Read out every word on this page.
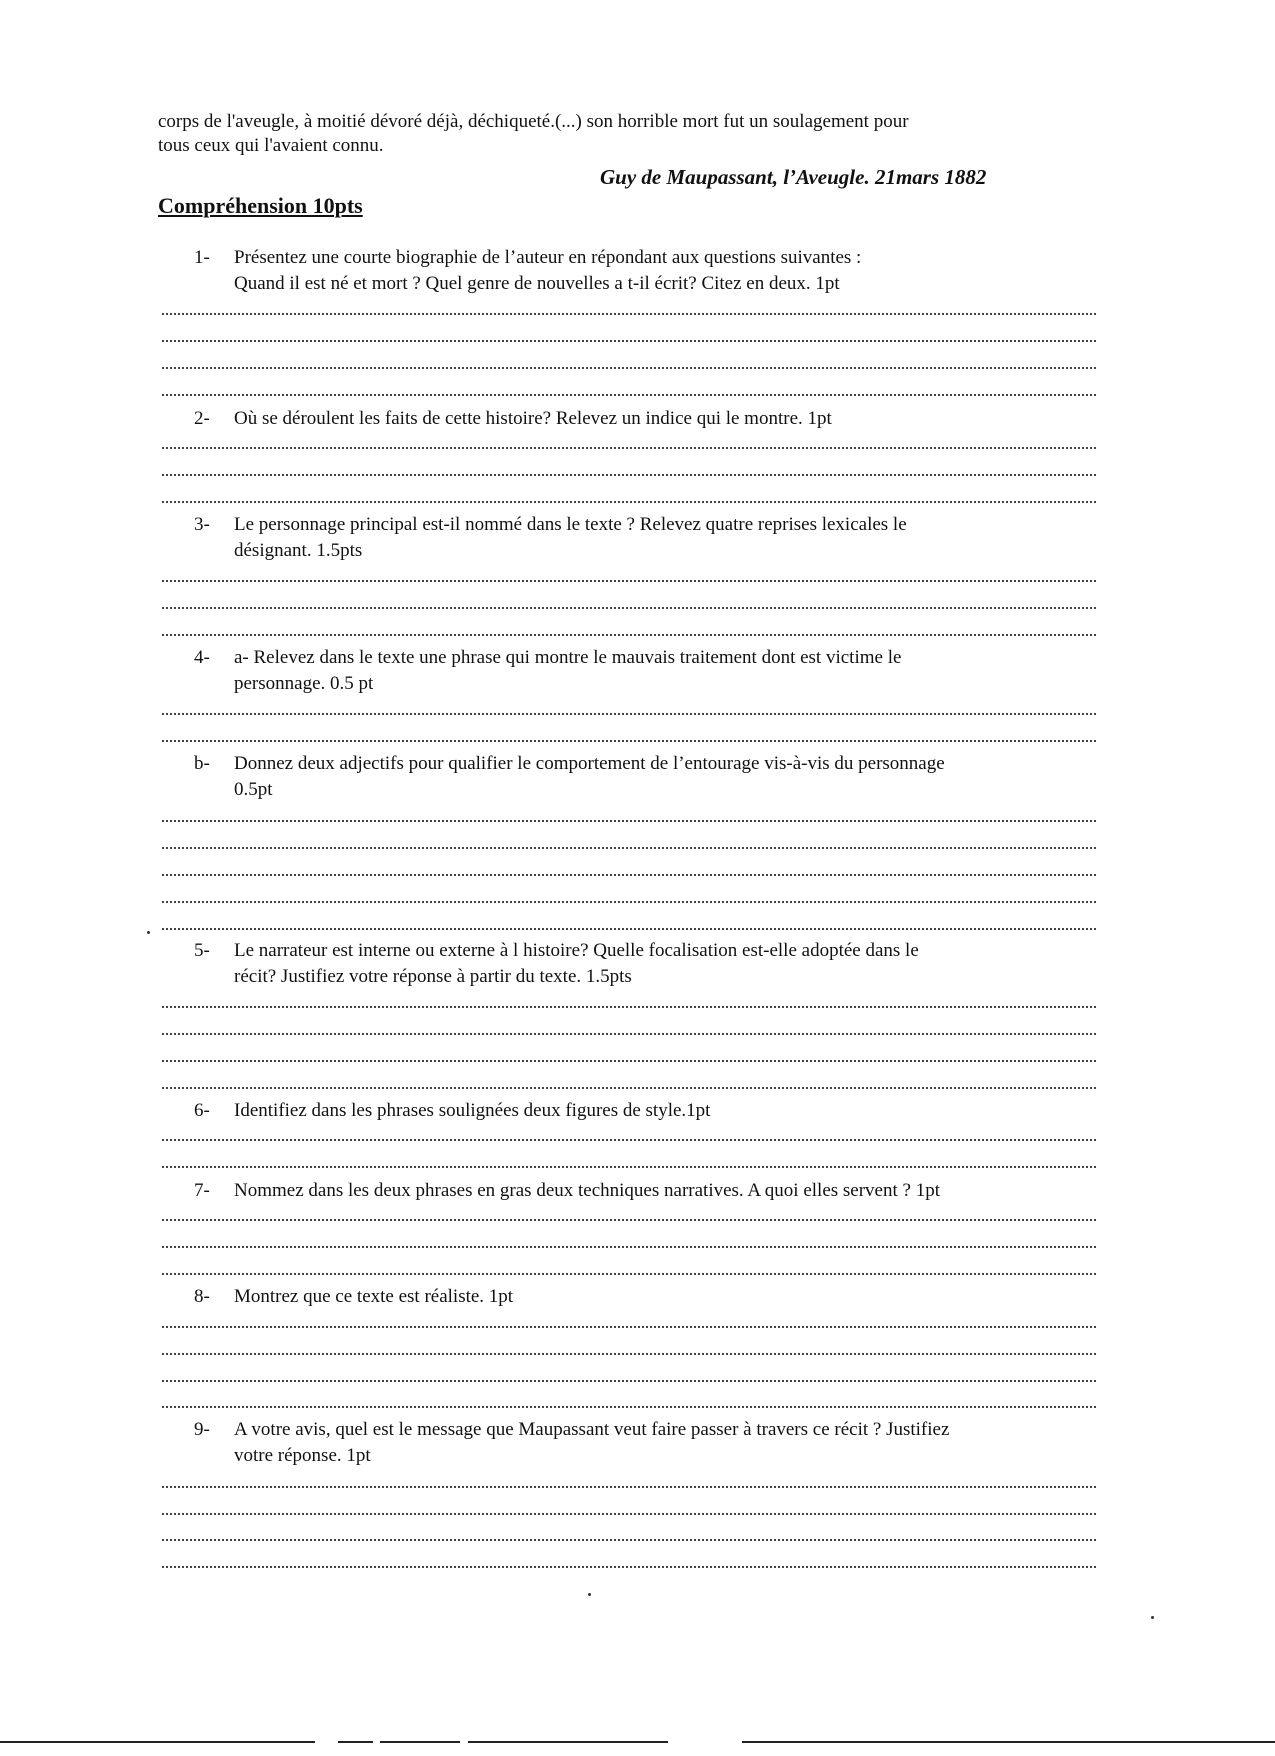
corps de l'aveugle, à moitié dévoré déjà, déchiqueté.(...) son horrible mort fut un soulagement pour
tous ceux qui l'avaient connu.
Guy de Maupassant, l’Aveugle. 21mars 1882
Compréhension 10pts
1-	Présentez une courte biographie de l’auteur en répondant aux questions suivantes :
Quand il est né et mort ? Quel genre de nouvelles a t-il écrit? Citez en deux. 1pt
2-	Où se déroulent les faits de cette histoire? Relevez un indice qui le montre. 1pt
3-	Le personnage principal est-il nommé dans le texte ? Relevez quatre reprises lexicales le
désignant. 1.5pts
4-	a- Relevez dans le texte une phrase qui montre le mauvais traitement dont est victime le
personnage. 0.5 pt
b-	Donnez deux adjectifs pour qualifier le comportement de l’entourage vis-à-vis du personnage
0.5pt
5-	Le narrateur est interne ou externe à l histoire? Quelle focalisation est-elle adoptée dans le
récit? Justifiez votre réponse à partir du texte. 1.5pts
6-	Identifiez dans les phrases soulignées deux figures de style.1pt
7-	Nommez dans les deux phrases en gras deux techniques narratives. A quoi elles servent ? 1pt
8-	Montrez que ce texte est réaliste. 1pt
9-	A votre avis, quel est le message que Maupassant veut faire passer à travers ce récit ? Justifiez
votre réponse. 1pt
